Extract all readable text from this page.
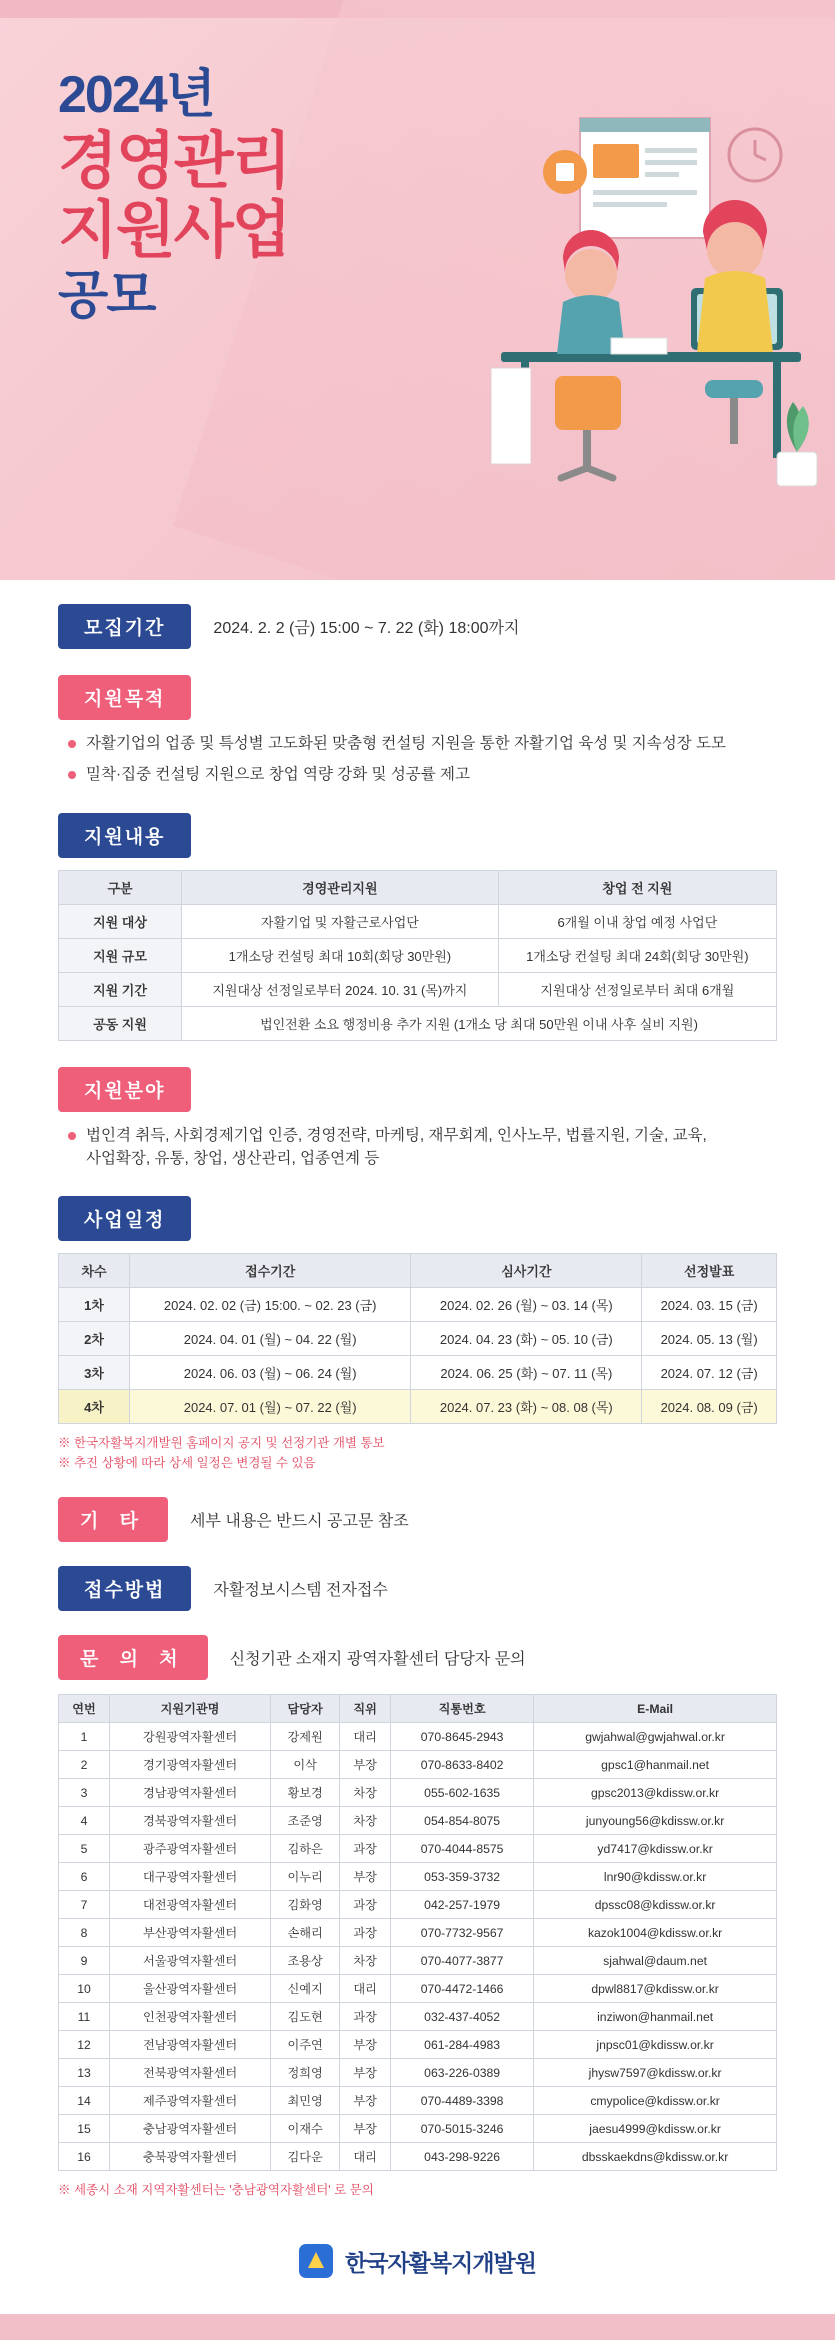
2024년
경영관리
지원사업
공모
모집기간	2024. 2. 2 (금) 15:00 ~ 7. 22 (화) 18:00까지
지원목적
자활기업의 업종 및 특성별 고도화된 맞춤형 컨설팅 지원을 통한 자활기업 육성 및 지속성장 도모
밀착·집중 컨설팅 지원으로 창업 역량 강화 및 성공률 제고
지원내용
구분	경영관리지원	창업 전 지원
지원 대상	자활기업 및 자활근로사업단	6개월 이내 창업 예정 사업단
지원 규모	1개소당 컨설팅 최대 10회(회당 30만원)	1개소당 컨설팅 최대 24회(회당 30만원)
지원 기간	지원대상 선정일로부터 2024. 10. 31 (목)까지	지원대상 선정일로부터 최대 6개월
공동 지원	법인전환 소요 행정비용 추가 지원 (1개소 당 최대 50만원 이내 사후 실비 지원)	
지원분야
법인격 취득, 사회경제기업 인증, 경영전략, 마케팅, 재무회계, 인사노무, 법률지원, 기술, 교육,
사업확장, 유통, 창업, 생산관리, 업종연계 등
사업일정
차수	접수기간	심사기간	선정발표
1차	2024. 02. 02 (금) 15:00. ~ 02. 23 (금)	2024. 02. 26 (월) ~ 03. 14 (목)	2024. 03. 15 (금)
2차	2024. 04. 01 (월) ~ 04. 22 (월)	2024. 04. 23 (화) ~ 05. 10 (금)	2024. 05. 13 (월)
3차	2024. 06. 03 (월) ~ 06. 24 (월)	2024. 06. 25 (화) ~ 07. 11 (목)	2024. 07. 12 (금)
4차	2024. 07. 01 (월) ~ 07. 22 (월)	2024. 07. 23 (화) ~ 08. 08 (목)	2024. 08. 09 (금)
※ 한국자활복지개발원 홈페이지 공지 및 선정기관 개별 통보
※ 추진 상황에 따라 상세 일정은 변경될 수 있음
기 타	세부 내용은 반드시 공고문 참조
접수방법	자활정보시스템 전자접수
문 의 처	신청기관 소재지 광역자활센터 담당자 문의
연번	지원기관명	담당자	직위	직통번호	E-Mail
1	강원광역자활센터	강제원	대리	070-8645-2943	gwjahwal@gwjahwal.or.kr
2	경기광역자활센터	이삭	부장	070-8633-8402	gpsc1@hanmail.net
3	경남광역자활센터	황보경	차장	055-602-1635	gpsc2013@kdissw.or.kr
4	경북광역자활센터	조준영	차장	054-854-8075	junyoung56@kdissw.or.kr
5	광주광역자활센터	김하은	과장	070-4044-8575	yd7417@kdissw.or.kr
6	대구광역자활센터	이누리	부장	053-359-3732	lnr90@kdissw.or.kr
7	대전광역자활센터	김화영	과장	042-257-1979	dpssc08@kdissw.or.kr
8	부산광역자활센터	손해리	과장	070-7732-9567	kazok1004@kdissw.or.kr
9	서울광역자활센터	조용상	차장	070-4077-3877	sjahwal@daum.net
10	울산광역자활센터	신예지	대리	070-4472-1466	dpwl8817@kdissw.or.kr
11	인천광역자활센터	김도현	과장	032-437-4052	inziwon@hanmail.net
12	전남광역자활센터	이주연	부장	061-284-4983	jnpsc01@kdissw.or.kr
13	전북광역자활센터	정희영	부장	063-226-0389	jhysw7597@kdissw.or.kr
14	제주광역자활센터	최민영	부장	070-4489-3398	cmypolice@kdissw.or.kr
15	충남광역자활센터	이재수	부장	070-5015-3246	jaesu4999@kdissw.or.kr
16	충북광역자활센터	김다운	대리	043-298-9226	dbsskaekdns@kdissw.or.kr
※ 세종시 소재 지역자활센터는 '충남광역자활센터' 로 문의
한국자활복지개발원
